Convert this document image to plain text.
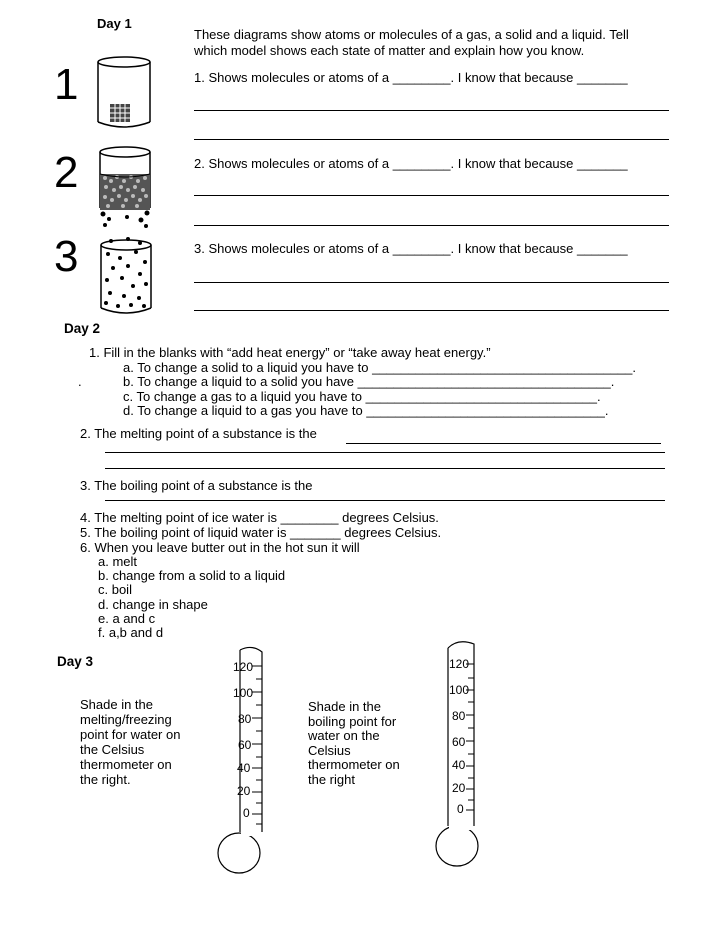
Day 1
These diagrams show atoms or molecules of a gas, a solid and a liquid. Tell
which model shows each state of matter and explain how you know.
1
2
3
1. Shows molecules or atoms of a ________. I know that because _______
2. Shows molecules or atoms of a ________. I know that because _______
3. Shows molecules or atoms of a ________. I know that because _______
Day 2
1. Fill in the blanks with “add heat energy” or “take away heat energy.”
.
a. To change a solid to a liquid you have to ____________________________________.
b. To change a liquid to a solid you have ___________________________________.
c. To change a gas to a liquid you have to ________________________________.
d. To change a liquid to a gas you have to _________________________________.
2. The melting point of a substance is the
3. The boiling point of a substance is the
4. The melting point of ice water is ________ degrees Celsius.
5. The boiling point of liquid water is _______ degrees Celsius.
6. When you leave butter out in the hot sun it will
a. melt
b. change from a solid to a liquid
c. boil
d. change in shape
e. a and c
f. a,b and d
Day 3
Shade in the
melting/freezing
point for water on
the Celsius
thermometer on
the right.
Shade in the
boiling point for
water on the
Celsius
thermometer on
the right
120
100
80
60
40
20
0
120
100
80
60
40
20
0
